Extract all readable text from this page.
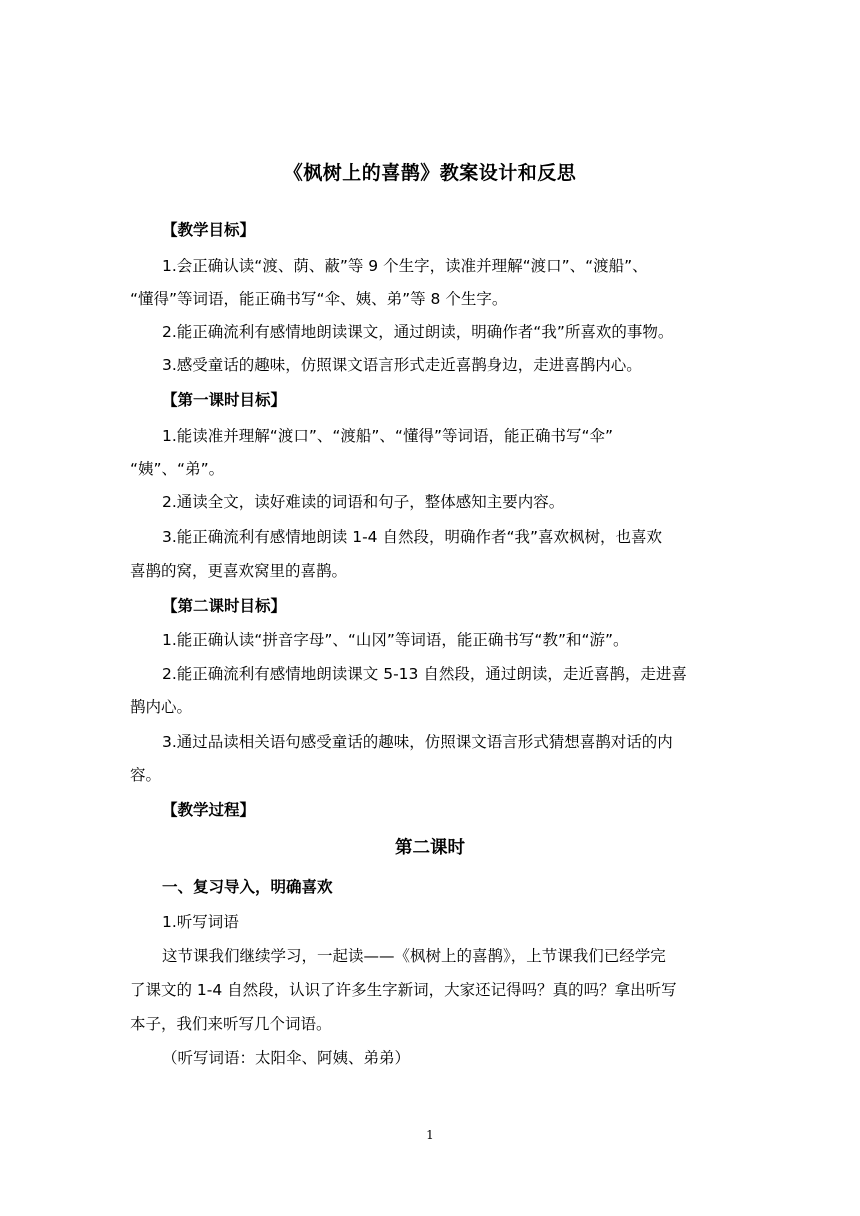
《枫树上的喜鹊》教案设计和反思
【教学目标】
1.会正确认读“渡、荫、蔽”等 9 个生字，读准并理解“渡口”、“渡船”、
“懂得”等词语，能正确书写“伞、姨、弟”等 8 个生字。
2.能正确流利有感情地朗读课文，通过朗读，明确作者“我”所喜欢的事物。
3.感受童话的趣味，仿照课文语言形式走近喜鹊身边，走进喜鹊内心。
【第一课时目标】
1.能读准并理解“渡口”、“渡船”、“懂得”等词语，能正确书写“伞”
“姨”、“弟”。
2.通读全文，读好难读的词语和句子，整体感知主要内容。
3.能正确流利有感情地朗读 1-4 自然段，明确作者“我”喜欢枫树，也喜欢
喜鹊的窝，更喜欢窝里的喜鹊。
【第二课时目标】
1.能正确认读“拼音字母”、“山冈”等词语，能正确书写“教”和“游”。
2.能正确流利有感情地朗读课文 5-13 自然段，通过朗读，走近喜鹊，走进喜
鹊内心。
3.通过品读相关语句感受童话的趣味，仿照课文语言形式猜想喜鹊对话的内
容。
【教学过程】
第二课时
一、复习导入，明确喜欢
1.听写词语
这节课我们继续学习，一起读——《枫树上的喜鹊》，上节课我们已经学完
了课文的 1-4 自然段，认识了许多生字新词，大家还记得吗？真的吗？拿出听写
本子，我们来听写几个词语。
（听写词语：太阳伞、阿姨、弟弟）
1
